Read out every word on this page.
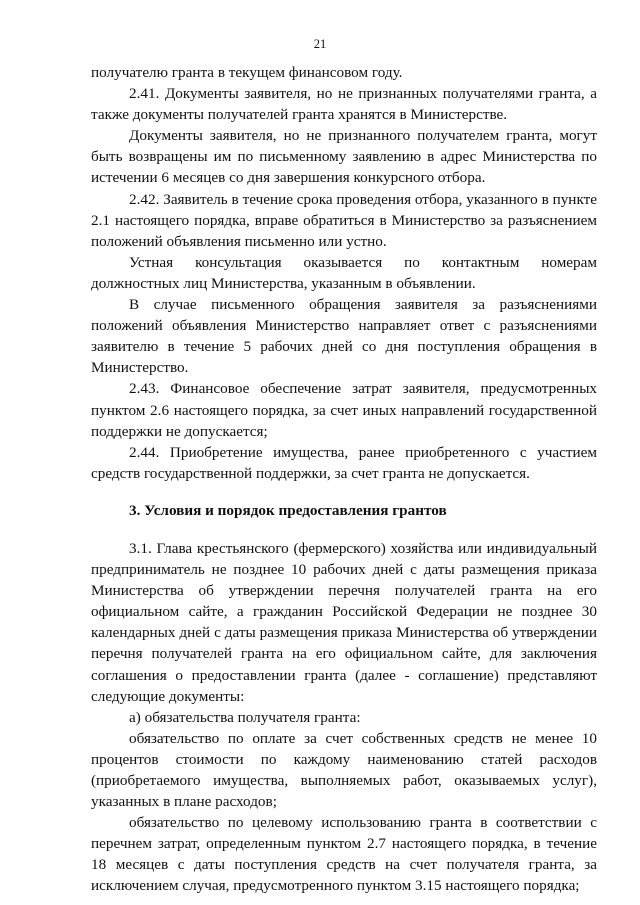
21

получателю гранта в текущем финансовом году.

2.41. Документы заявителя, но не признанных получателями гранта, а также документы получателей гранта хранятся в Министерстве.

Документы заявителя, но не признанного получателем гранта, могут быть возвращены им по письменному заявлению в адрес Министерства по истечении 6 месяцев со дня завершения конкурсного отбора.

2.42. Заявитель в течение срока проведения отбора, указанного в пункте 2.1 настоящего порядка, вправе обратиться в Министерство за разъяснением положений объявления письменно или устно.

Устная консультация оказывается по контактным номерам должностных лиц Министерства, указанным в объявлении.

В случае письменного обращения заявителя за разъяснениями положений объявления Министерство направляет ответ с разъяснениями заявителю в течение 5 рабочих дней со дня поступления обращения в Министерство.

2.43. Финансовое обеспечение затрат заявителя, предусмотренных пунктом 2.6 настоящего порядка, за счет иных направлений государственной поддержки не допускается;

2.44. Приобретение имущества, ранее приобретенного с участием средств государственной поддержки, за счет гранта не допускается.

3. Условия и порядок предоставления грантов

3.1. Глава крестьянского (фермерского) хозяйства или индивидуальный предприниматель не позднее 10 рабочих дней с даты размещения приказа Министерства об утверждении перечня получателей гранта на его официальном сайте, а гражданин Российской Федерации не позднее 30 календарных дней с даты размещения приказа Министерства об утверждении перечня получателей гранта на его официальном сайте, для заключения соглашения о предоставлении гранта (далее - соглашение) представляют следующие документы:

а) обязательства получателя гранта:

обязательство по оплате за счет собственных средств не менее 10 процентов стоимости по каждому наименованию статей расходов (приобретаемого имущества, выполняемых работ, оказываемых услуг), указанных в плане расходов;

обязательство по целевому использованию гранта в соответствии с перечнем затрат, определенным пунктом 2.7 настоящего порядка, в течение 18 месяцев с даты поступления средств на счет получателя гранта, за исключением случая, предусмотренного пунктом 3.15 настоящего порядка;
